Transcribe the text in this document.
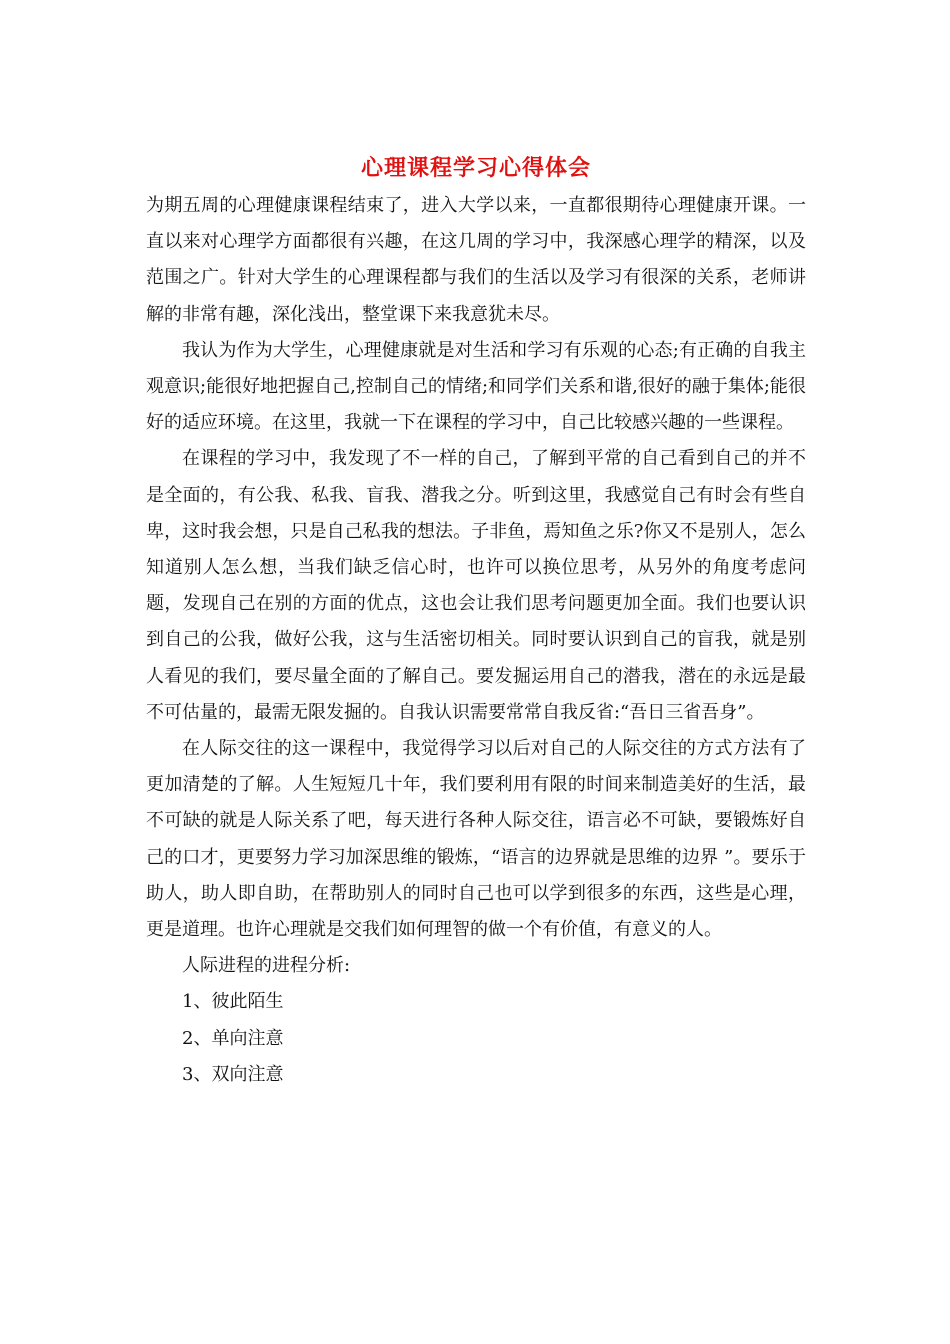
心理课程学习心得体会

为期五周的心理健康课程结束了，进入大学以来，一直都很期待心理健康开课。一直以来对心理学方面都很有兴趣，在这几周的学习中，我深感心理学的精深，以及范围之广。针对大学生的心理课程都与我们的生活以及学习有很深的关系，老师讲解的非常有趣，深化浅出，整堂课下来我意犹未尽。

我认为作为大学生，心理健康就是对生活和学习有乐观的心态;有正确的自我主观意识;能很好地把握自己,控制自己的情绪;和同学们关系和谐,很好的融于集体;能很好的适应环境。在这里，我就一下在课程的学习中，自己比较感兴趣的一些课程。

在课程的学习中，我发现了不一样的自己，了解到平常的自己看到自己的并不是全面的，有公我、私我、盲我、潜我之分。听到这里，我感觉自己有时会有些自卑，这时我会想，只是自己私我的想法。子非鱼，焉知鱼之乐?你又不是别人，怎么知道别人怎么想，当我们缺乏信心时，也许可以换位思考，从另外的角度考虑问题，发现自己在别的方面的优点，这也会让我们思考问题更加全面。我们也要认识到自己的公我，做好公我，这与生活密切相关。同时要认识到自己的盲我，就是别人看见的我们，要尽量全面的了解自己。要发掘运用自己的潜我，潜在的永远是最不可估量的，最需无限发掘的。自我认识需要常常自我反省:“吾日三省吾身”。

在人际交往的这一课程中，我觉得学习以后对自己的人际交往的方式方法有了更加清楚的了解。人生短短几十年，我们要利用有限的时间来制造美好的生活，最不可缺的就是人际关系了吧，每天进行各种人际交往，语言必不可缺，要锻炼好自己的口才，更要努力学习加深思维的锻炼，“语言的边界就是思维的边界 ”。要乐于助人，助人即自助，在帮助别人的同时自己也可以学到很多的东西，这些是心理，更是道理。也许心理就是交我们如何理智的做一个有价值，有意义的人。

人际进程的进程分析:

1、彼此陌生

2、单向注意

3、双向注意
